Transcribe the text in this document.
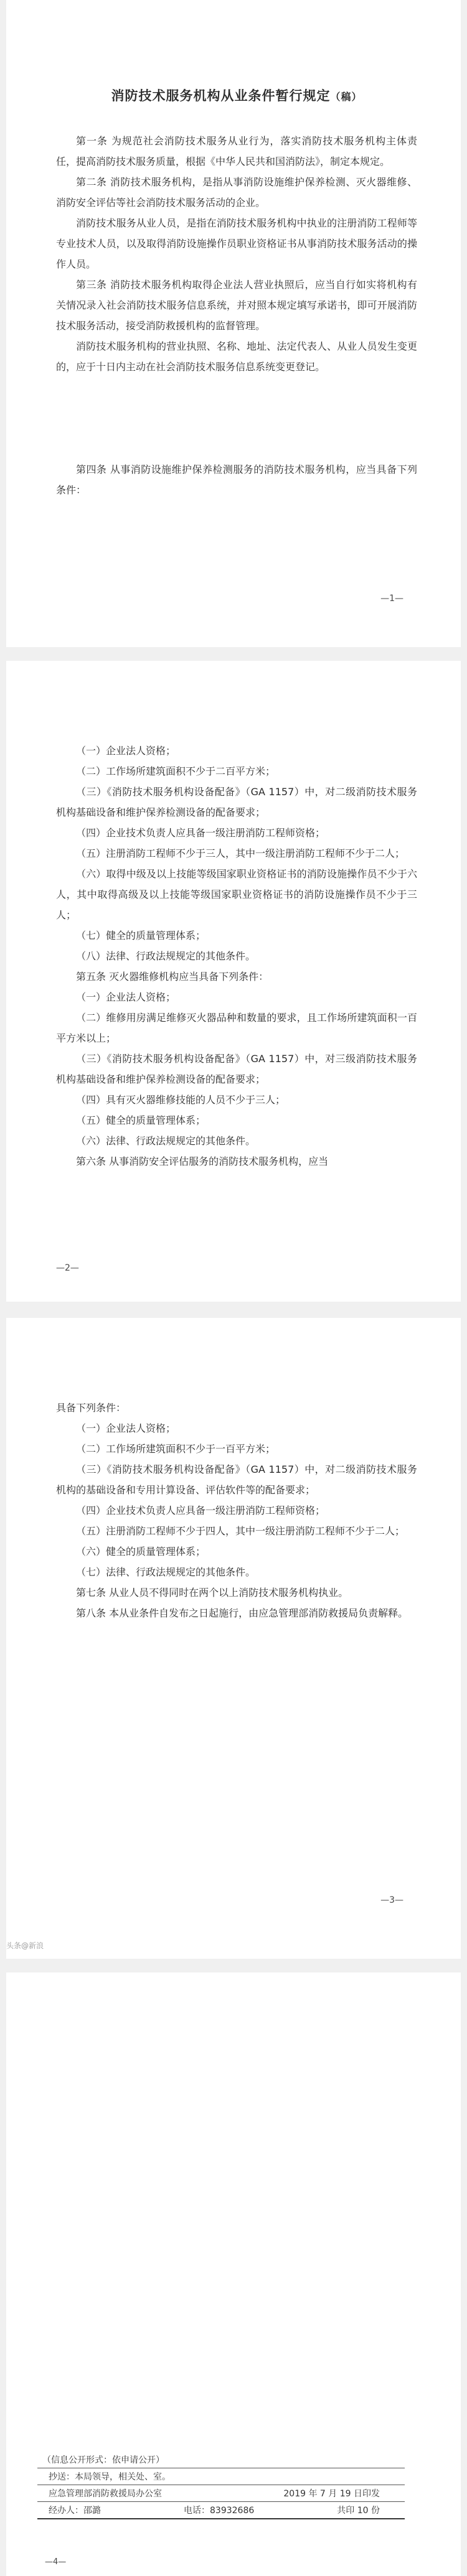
消防技术服务机构从业条件暂行规定（稿）

第一条 为规范社会消防技术服务从业行为，落实消防技术服务机构主体责任，提高消防技术服务质量，根据《中华人民共和国消防法》，制定本规定。

第二条 消防技术服务机构，是指从事消防设施维护保养检测、灭火器维修、消防安全评估等社会消防技术服务活动的企业。

消防技术服务从业人员，是指在消防技术服务机构中执业的注册消防工程师等专业技术人员，以及取得消防设施操作员职业资格证书从事消防技术服务活动的操作人员。

第三条 消防技术服务机构取得企业法人营业执照后，应当自行如实将机构有关情况录入社会消防技术服务信息系统，并对照本规定填写承诺书，即可开展消防技术服务活动，接受消防救援机构的监督管理。

消防技术服务机构的营业执照、名称、地址、法定代表人、从业人员发生变更的，应于十日内主动在社会消防技术服务信息系统变更登记。

第四条 从事消防设施维护保养检测服务的消防技术服务机构，应当具备下列条件：

—1—

（一）企业法人资格；

（二）工作场所建筑面积不少于二百平方米；

（三）《消防技术服务机构设备配备》（GA 1157）中，对二级消防技术服务机构基础设备和维护保养检测设备的配备要求；

（四）企业技术负责人应具备一级注册消防工程师资格；

（五）注册消防工程师不少于三人，其中一级注册消防工程师不少于二人；

（六）取得中级及以上技能等级国家职业资格证书的消防设施操作员不少于六人，其中取得高级及以上技能等级国家职业资格证书的消防设施操作员不少于三人；

（七）健全的质量管理体系；

（八）法律、行政法规规定的其他条件。

第五条 灭火器维修机构应当具备下列条件：

（一）企业法人资格；

（二）维修用房满足维修灭火器品种和数量的要求，且工作场所建筑面积一百平方米以上；

（三）《消防技术服务机构设备配备》（GA 1157）中，对三级消防技术服务机构基础设备和维护保养检测设备的配备要求；

（四）具有灭火器维修技能的人员不少于三人；

（五）健全的质量管理体系；

（六）法律、行政法规规定的其他条件。

第六条 从事消防安全评估服务的消防技术服务机构，应当

—2—

具备下列条件：

（一）企业法人资格；

（二）工作场所建筑面积不少于一百平方米；

（三）《消防技术服务机构设备配备》（GA 1157）中，对二级消防技术服务机构的基础设备和专用计算设备、评估软件等的配备要求；

（四）企业技术负责人应具备一级注册消防工程师资格；

（五）注册消防工程师不少于四人，其中一级注册消防工程师不少于二人；

（六）健全的质量管理体系；

（七）法律、行政法规规定的其他条件。

第七条 从业人员不得同时在两个以上消防技术服务机构执业。

第八条 本从业条件自发布之日起施行，由应急管理部消防救援局负责解释。

—3—
头条@新浪
（信息公开形式：依申请公开）
抄送：本局领导，相关处、室。
应急管理部消防救援局办公室	2019 年 7 月 19 日印发
经办人：邵潞	电话：83932686	共印 10 份
—4—
